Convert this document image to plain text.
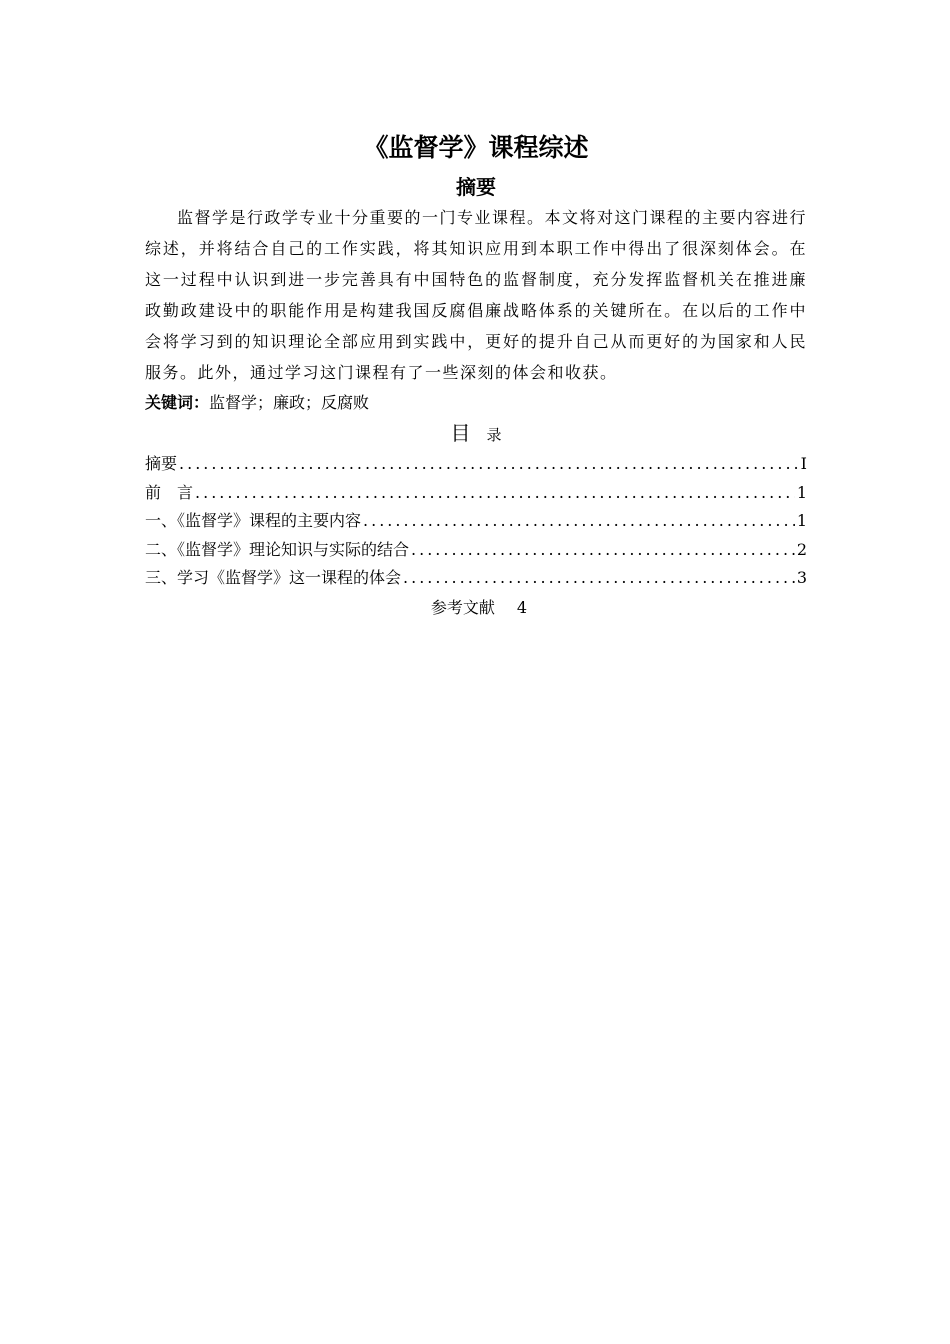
《监督学》课程综述
摘要

监督学是行政学专业十分重要的一门专业课程。本文将对这门课程的主要内容进行综述，并将结合自己的工作实践，将其知识应用到本职工作中得出了很深刻体会。在这一过程中认识到进一步完善具有中国特色的监督制度，充分发挥监督机关在推进廉政勤政建设中的职能作用是构建我国反腐倡廉战略体系的关键所在。在以后的工作中会将学习到的知识理论全部应用到实践中，更好的提升自己从而更好的为国家和人民服务。此外，通过学习这门课程有了一些深刻的体会和收获。

关键词：监督学；廉政；反腐败

目 录
摘要 .....	I
前　言 .....	1
一、《监督学》课程的主要内容 .....	1
二、《监督学》理论知识与实际的结合 .....	2
三、学习《监督学》这一课程的体会 .....	3

参考文献 4
